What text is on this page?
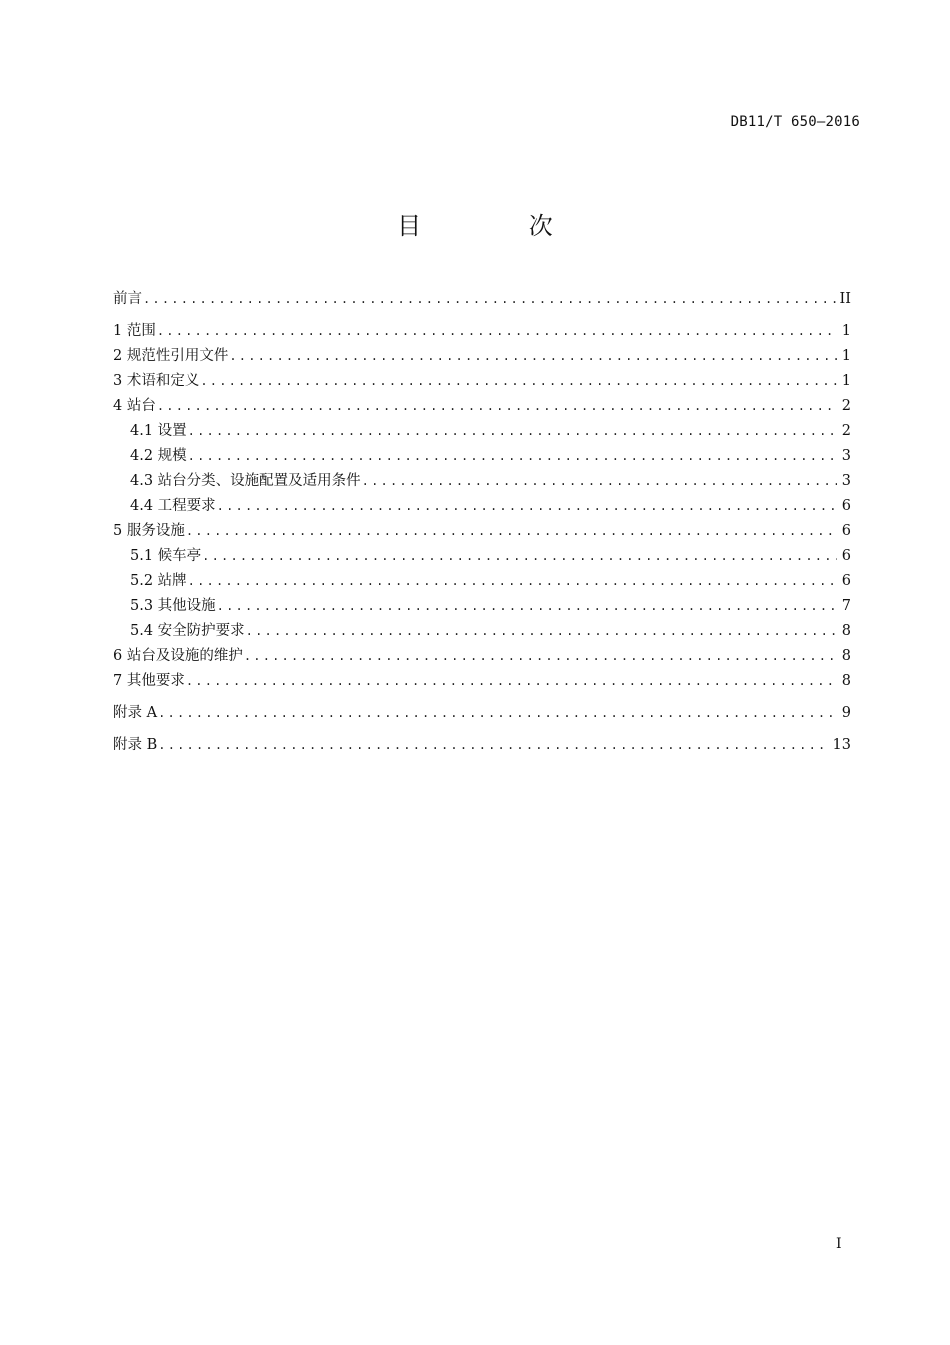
DB11/T 650—2016
目 次
前言 .....	II
1 范围 .....	1
2 规范性引用文件 .....	1
3 术语和定义 .....	1
4 站台 .....	2
4.1 设置 .....	2
4.2 规模 .....	3
4.3 站台分类、设施配置及适用条件 .....	3
4.4 工程要求 .....	6
5 服务设施 .....	6
5.1 候车亭 .....	6
5.2 站牌 .....	6
5.3 其他设施 .....	7
5.4 安全防护要求 .....	8
6 站台及设施的维护 .....	8
7 其他要求 .....	8
附录 A .....	9
附录 B .....	13
I
